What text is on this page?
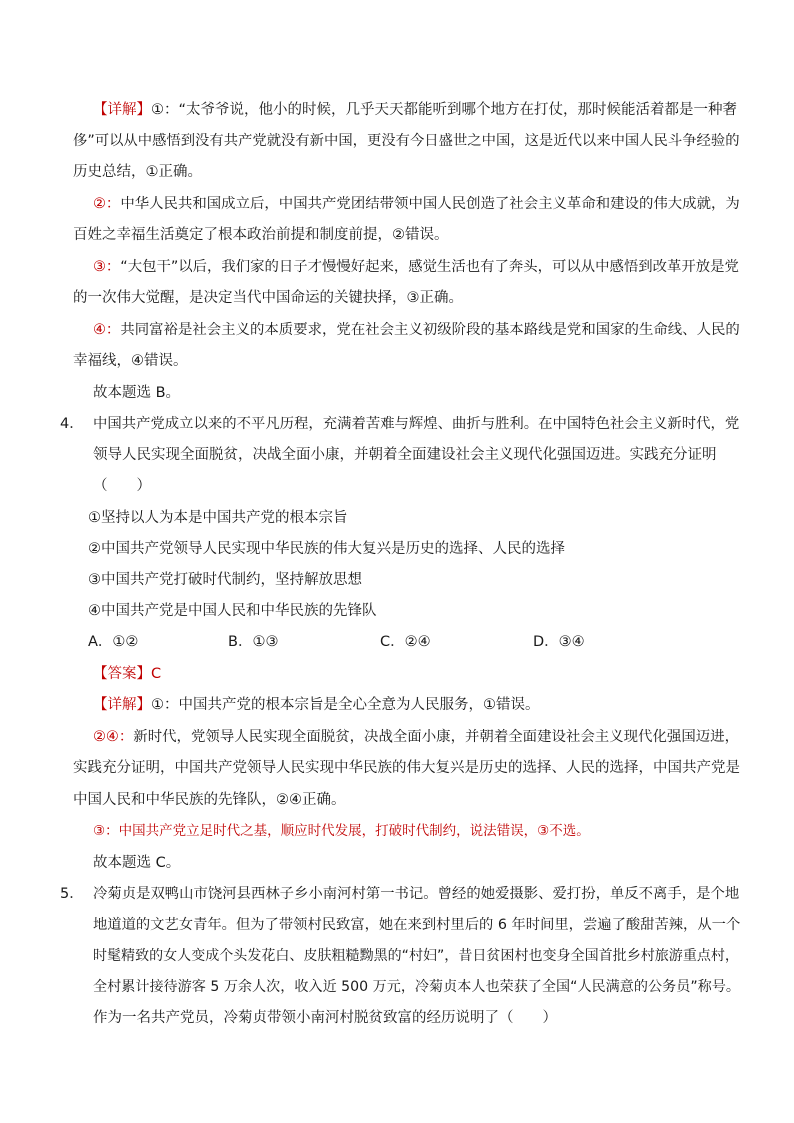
【详解】①：“太爷爷说，他小的时候，几乎天天都能听到哪个地方在打仗，那时候能活着都是一种奢
侈”可以从中感悟到没有共产党就没有新中国，更没有今日盛世之中国，这是近代以来中国人民斗争经验的
历史总结，①正确。
②：中华人民共和国成立后，中国共产党团结带领中国人民创造了社会主义革命和建设的伟大成就，为
百姓之幸福生活奠定了根本政治前提和制度前提，②错误。
③：“大包干”以后，我们家的日子才慢慢好起来，感觉生活也有了奔头，可以从中感悟到改革开放是党
的一次伟大觉醒，是决定当代中国命运的关键抉择，③正确。
④：共同富裕是社会主义的本质要求，党在社会主义初级阶段的基本路线是党和国家的生命线、人民的
幸福线，④错误。
故本题选 B。
4． 中国共产党成立以来的不平凡历程，充满着苦难与辉煌、曲折与胜利。在中国特色社会主义新时代，党
领导人民实现全面脱贫，决战全面小康，并朝着全面建设社会主义现代化强国迈进。实践充分证明
（　　）
①坚持以人为本是中国共产党的根本宗旨
②中国共产党领导人民实现中华民族的伟大复兴是历史的选择、人民的选择
③中国共产党打破时代制约，坚持解放思想
④中国共产党是中国人民和中华民族的先锋队
A．①②	B．①③	C．②④	D．③④
【答案】C
【详解】①：中国共产党的根本宗旨是全心全意为人民服务，①错误。
②④：新时代，党领导人民实现全面脱贫，决战全面小康，并朝着全面建设社会主义现代化强国迈进，
实践充分证明，中国共产党领导人民实现中华民族的伟大复兴是历史的选择、人民的选择，中国共产党是
中国人民和中华民族的先锋队，②④正确。
③：中国共产党立足时代之基，顺应时代发展，打破时代制约，说法错误，③不选。
故本题选 C。
5． 冷菊贞是双鸭山市饶河县西林子乡小南河村第一书记。曾经的她爱摄影、爱打扮，单反不离手，是个地
地道道的文艺女青年。但为了带领村民致富，她在来到村里后的 6 年时间里，尝遍了酸甜苦辣，从一个
时髦精致的女人变成个头发花白、皮肤粗糙黝黑的“村妇”，昔日贫困村也变身全国首批乡村旅游重点村，
全村累计接待游客 5 万余人次，收入近 500 万元，冷菊贞本人也荣获了全国“人民满意的公务员”称号。
作为一名共产党员，冷菊贞带领小南河村脱贫致富的经历说明了（　　）
